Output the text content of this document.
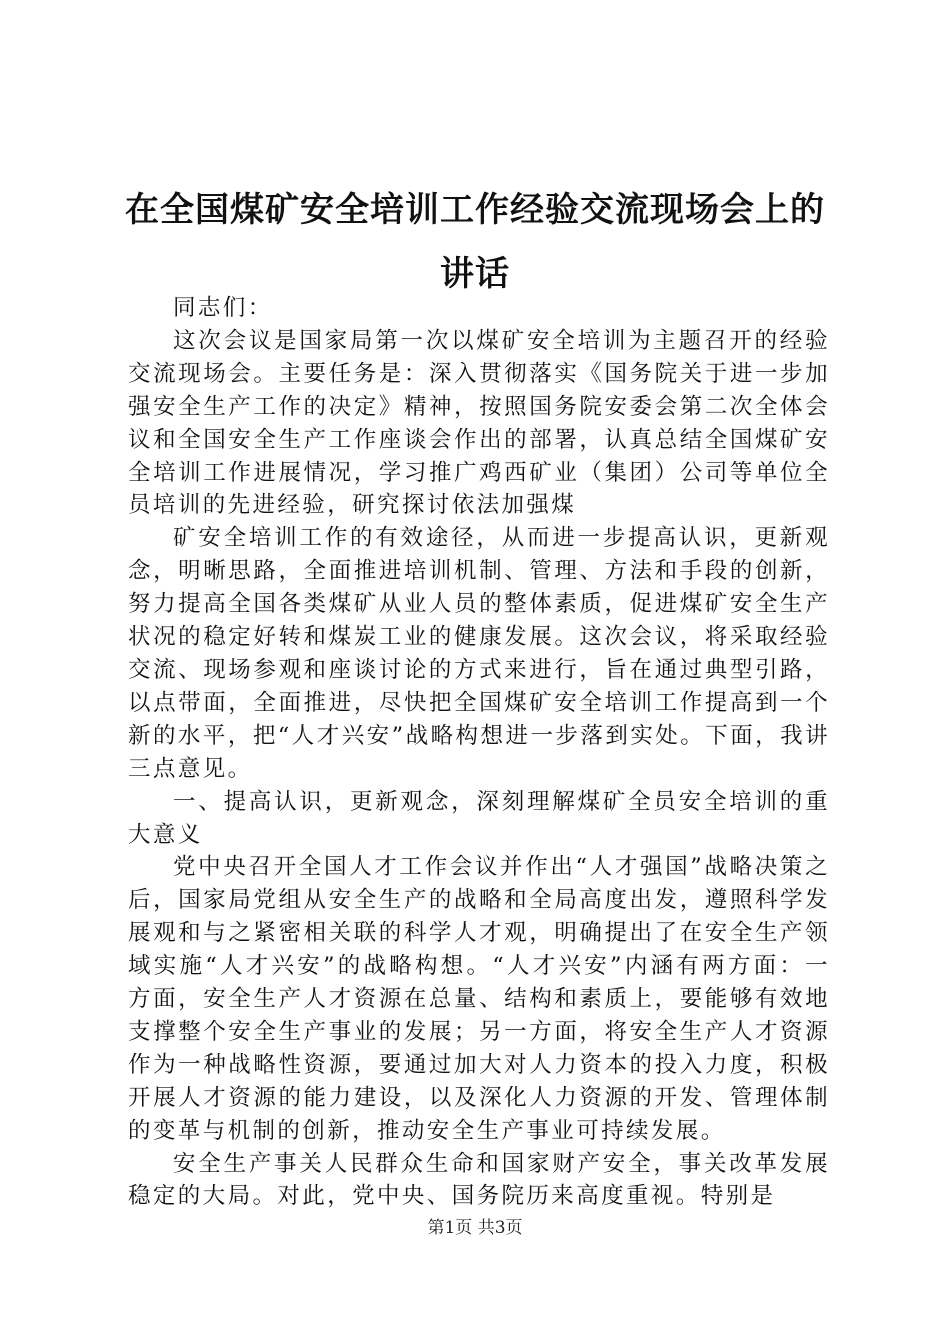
在全国煤矿安全培训工作经验交流现场会上的讲话

同志们：

这次会议是国家局第一次以煤矿安全培训为主题召开的经验交流现场会。主要任务是：深入贯彻落实《国务院关于进一步加强安全生产工作的决定》精神，按照国务院安委会第二次全体会议和全国安全生产工作座谈会作出的部署，认真总结全国煤矿安全培训工作进展情况，学习推广鸡西矿业（集团）公司等单位全员培训的先进经验，研究探讨依法加强煤

矿安全培训工作的有效途径，从而进一步提高认识，更新观念，明晰思路，全面推进培训机制、管理、方法和手段的创新，努力提高全国各类煤矿从业人员的整体素质，促进煤矿安全生产状况的稳定好转和煤炭工业的健康发展。这次会议，将采取经验交流、现场参观和座谈讨论的方式来进行，旨在通过典型引路，以点带面，全面推进，尽快把全国煤矿安全培训工作提高到一个新的水平，把“人才兴安”战略构想进一步落到实处。下面，我讲三点意见。

一、提高认识，更新观念，深刻理解煤矿全员安全培训的重大意义

党中央召开全国人才工作会议并作出“人才强国”战略决策之后，国家局党组从安全生产的战略和全局高度出发，遵照科学发展观和与之紧密相关联的科学人才观，明确提出了在安全生产领域实施“人才兴安”的战略构想。“人才兴安”内涵有两方面：一方面，安全生产人才资源在总量、结构和素质上，要能够有效地支撑整个安全生产事业的发展；另一方面，将安全生产人才资源作为一种战略性资源，要通过加大对人力资本的投入力度，积极开展人才资源的能力建设，以及深化人力资源的开发、管理体制的变革与机制的创新，推动安全生产事业可持续发展。

安全生产事关人民群众生命和国家财产安全，事关改革发展稳定的大局。对此，党中央、国务院历来高度重视。特别是

第1页 共3页
